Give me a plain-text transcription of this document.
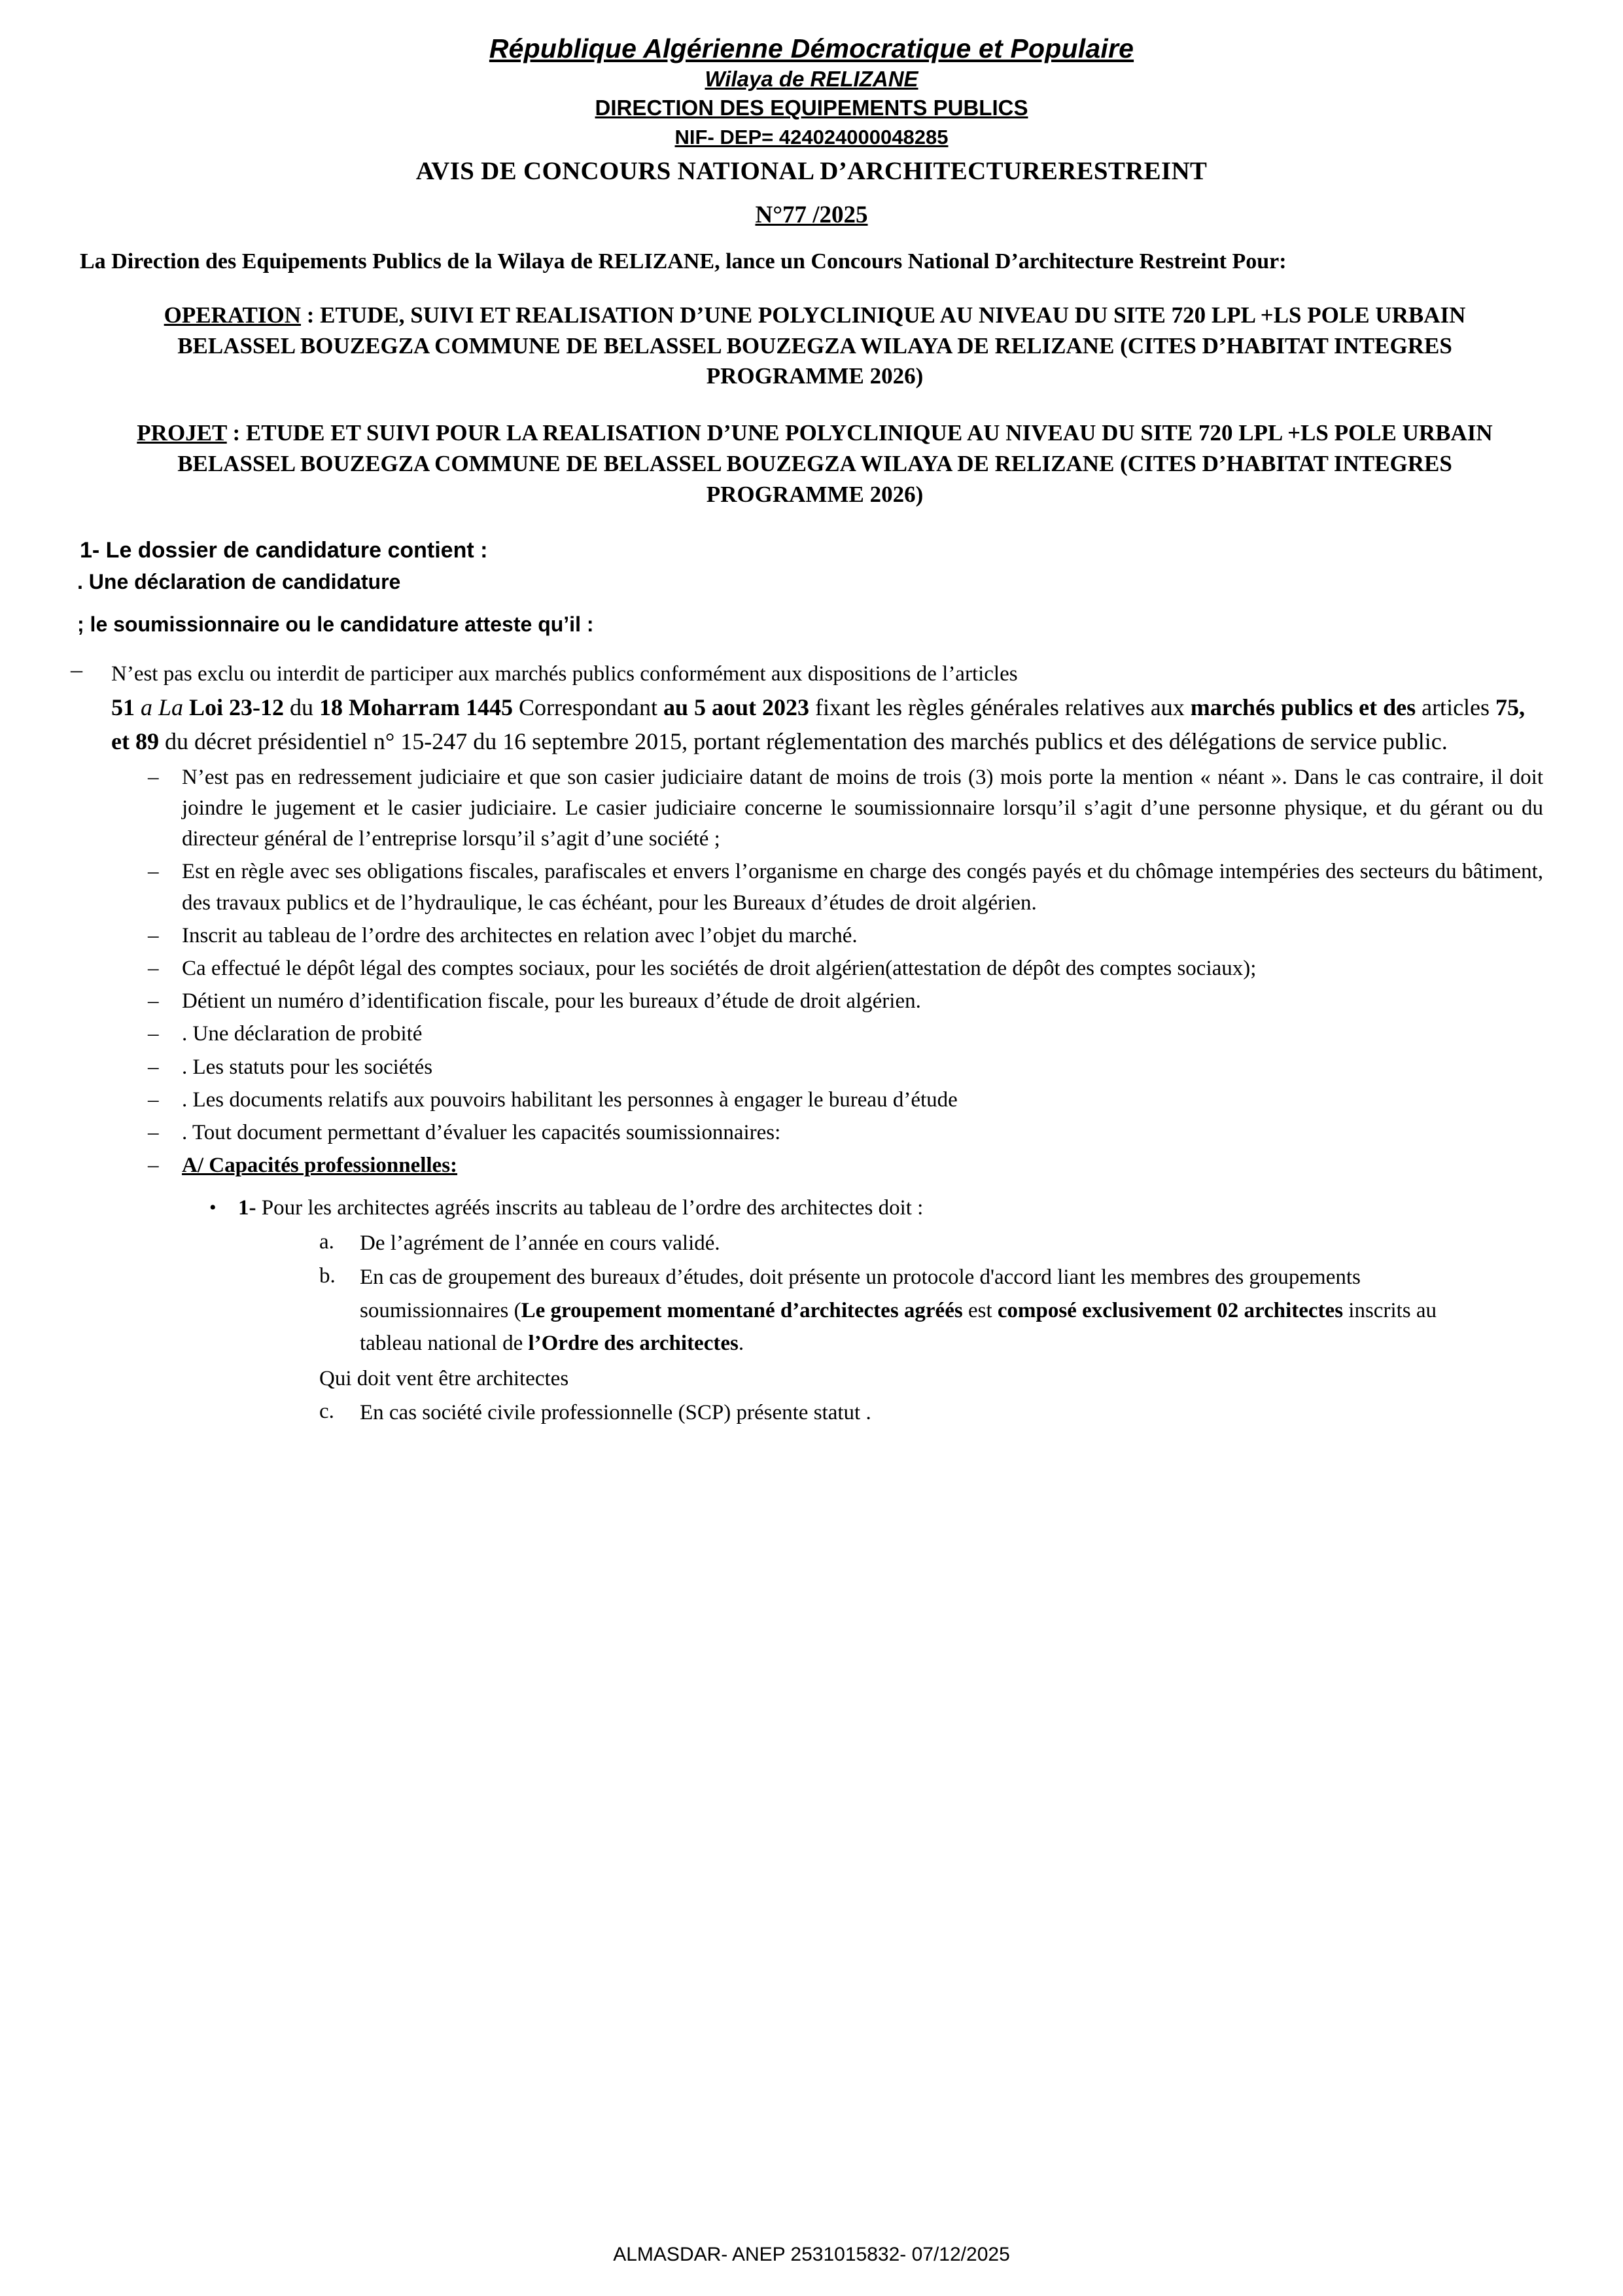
République Algérienne Démocratique et Populaire
Wilaya de RELIZANE
DIRECTION DES EQUIPEMENTS PUBLICS
NIF- DEP= 424024000048285
AVIS DE CONCOURS NATIONAL D’ARCHITECTURERESTREINT
N°77 /2025
La Direction des Equipements Publics de la Wilaya de RELIZANE, lance un Concours National D’architecture Restreint Pour:
OPERATION : ETUDE, SUIVI ET REALISATION D’UNE POLYCLINIQUE AU NIVEAU DU SITE 720 LPL +LS POLE URBAIN BELASSEL BOUZEGZA COMMUNE DE BELASSEL BOUZEGZA WILAYA DE RELIZANE (CITES D’HABITAT INTEGRES PROGRAMME 2026)
PROJET : ETUDE ET SUIVI POUR LA REALISATION D’UNE POLYCLINIQUE AU NIVEAU DU SITE 720 LPL +LS POLE URBAIN BELASSEL BOUZEGZA COMMUNE DE BELASSEL BOUZEGZA WILAYA DE RELIZANE (CITES D’HABITAT INTEGRES PROGRAMME 2026)
1- Le dossier de candidature contient :
. Une déclaration de candidature
; le soumissionnaire ou le candidature atteste qu’il :
–	N’est pas exclu ou interdit de participer aux marchés publics conformément aux dispositions de l’articles
51 a La Loi 23-12 du 18 Moharram 1445 Correspondant au 5 aout 2023 fixant les règles générales relatives aux marchés publics et des articles 75, et 89 du décret présidentiel n° 15-247 du 16 septembre 2015, portant réglementation des marchés publics et des délégations de service public.
–	N’est pas en redressement judiciaire et que son casier judiciaire datant de moins de trois (3) mois porte la mention « néant ». Dans le cas contraire, il doit joindre le jugement et le casier judiciaire. Le casier judiciaire concerne le soumissionnaire lorsqu’il s’agit d’une personne physique, et du gérant ou du directeur général de l’entreprise lorsqu’il s’agit d’une société ;
–	Est en règle avec ses obligations fiscales, parafiscales et envers l’organisme en charge des congés payés et du chômage intempéries des secteurs du bâtiment, des travaux publics et de l’hydraulique, le cas échéant, pour les Bureaux d’études de droit algérien.
–	Inscrit au tableau de l’ordre des architectes en relation avec l’objet du marché.
–	Ca effectué le dépôt légal des comptes sociaux, pour les sociétés de droit algérien(attestation de dépôt des comptes sociaux);
–	Détient un numéro d’identification fiscale, pour les bureaux d’étude de droit algérien.
–	. Une déclaration de probité
–	. Les statuts pour les sociétés
–	. Les documents relatifs aux pouvoirs habilitant les personnes à engager le bureau d’étude
–	. Tout document permettant d’évaluer les capacités soumissionnaires:
–	A/ Capacités professionnelles:
•	1- Pour les architectes agréés inscrits au tableau de l’ordre des architectes doit :
a.	De l’agrément de l’année en cours validé.
b.	En cas de groupement des bureaux d’études, doit présente un protocole d'accord liant les membres des groupements soumissionnaires (Le groupement momentané d’architectes agréés est composé exclusivement 02 architectes inscrits au tableau national de l’Ordre des architectes.
Qui doit vent être architectes
c.	En cas société civile professionnelle (SCP) présente statut .
ALMASDAR- ANEP 2531015832- 07/12/2025
